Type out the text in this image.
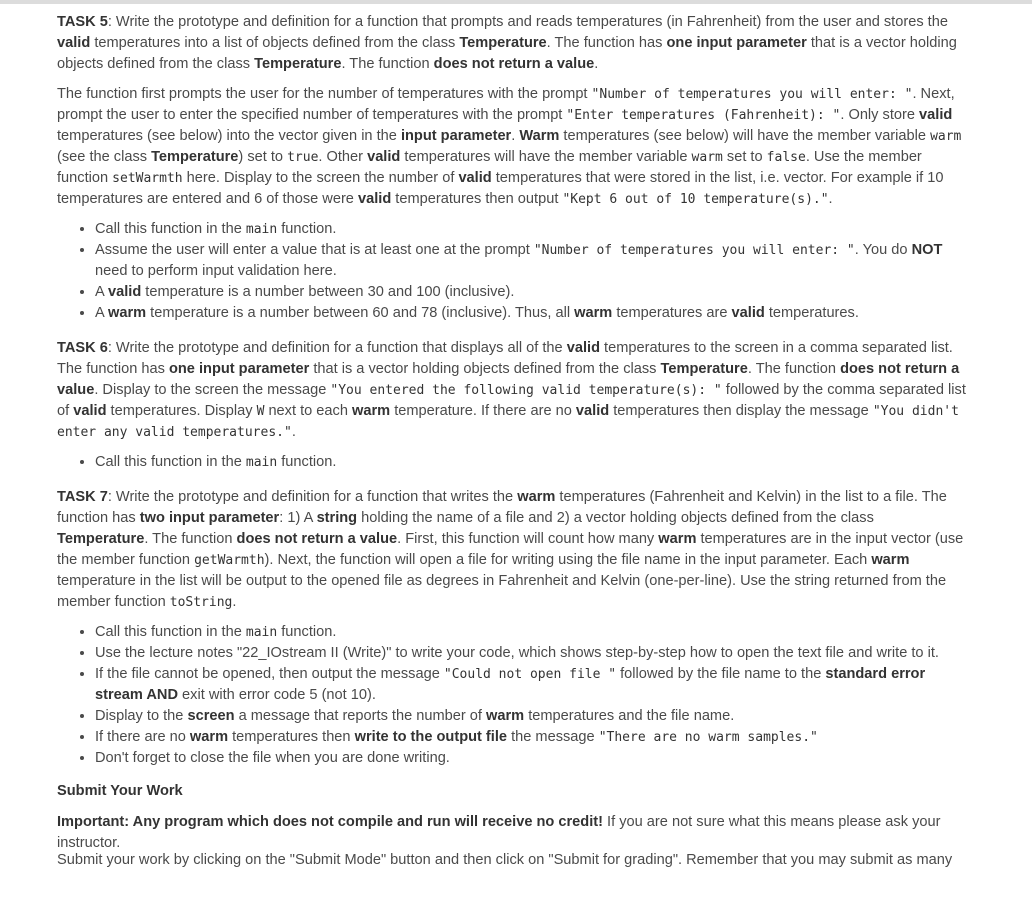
TASK 5: Write the prototype and definition for a function that prompts and reads temperatures (in Fahrenheit) from the user and stores the valid temperatures into a list of objects defined from the class Temperature. The function has one input parameter that is a vector holding objects defined from the class Temperature. The function does not return a value.

The function first prompts the user for the number of temperatures with the prompt "Number of temperatures you will enter: ". Next, prompt the user to enter the specified number of temperatures with the prompt "Enter temperatures (Fahrenheit): ". Only store valid temperatures (see below) into the vector given in the input parameter. Warm temperatures (see below) will have the member variable warm (see the class Temperature) set to true. Other valid temperatures will have the member variable warm set to false. Use the member function setWarmth here. Display to the screen the number of valid temperatures that were stored in the list, i.e. vector. For example if 10 temperatures are entered and 6 of those were valid temperatures then output "Kept 6 out of 10 temperature(s).".

• Call this function in the main function.
• Assume the user will enter a value that is at least one at the prompt "Number of temperatures you will enter: ". You do NOT need to perform input validation here.
• A valid temperature is a number between 30 and 100 (inclusive).
• A warm temperature is a number between 60 and 78 (inclusive). Thus, all warm temperatures are valid temperatures.

TASK 6: Write the prototype and definition for a function that displays all of the valid temperatures to the screen in a comma separated list. The function has one input parameter that is a vector holding objects defined from the class Temperature. The function does not return a value. Display to the screen the message "You entered the following valid temperature(s): " followed by the comma separated list of valid temperatures. Display W next to each warm temperature. If there are no valid temperatures then display the message "You didn't enter any valid temperatures.".

• Call this function in the main function.

TASK 7: Write the prototype and definition for a function that writes the warm temperatures (Fahrenheit and Kelvin) in the list to a file. The function has two input parameter: 1) A string holding the name of a file and 2) a vector holding objects defined from the class Temperature. The function does not return a value. First, this function will count how many warm temperatures are in the input vector (use the member function getWarmth). Next, the function will open a file for writing using the file name in the input parameter. Each warm temperature in the list will be output to the opened file as degrees in Fahrenheit and Kelvin (one-per-line). Use the string returned from the member function toString.

• Call this function in the main function.
• Use the lecture notes "22_IOstream II (Write)" to write your code, which shows step-by-step how to open the text file and write to it.
• If the file cannot be opened, then output the message "Could not open file " followed by the file name to the standard error stream AND exit with error code 5 (not 10).
• Display to the screen a message that reports the number of warm temperatures and the file name.
• If there are no warm temperatures then write to the output file the message "There are no warm samples."
• Don't forget to close the file when you are done writing.
Submit Your Work

Important: Any program which does not compile and run will receive no credit! If you are not sure what this means please ask your instructor.

Submit your work by clicking on the "Submit Mode" button and then click on "Submit for grading". Remember that you may submit as many
